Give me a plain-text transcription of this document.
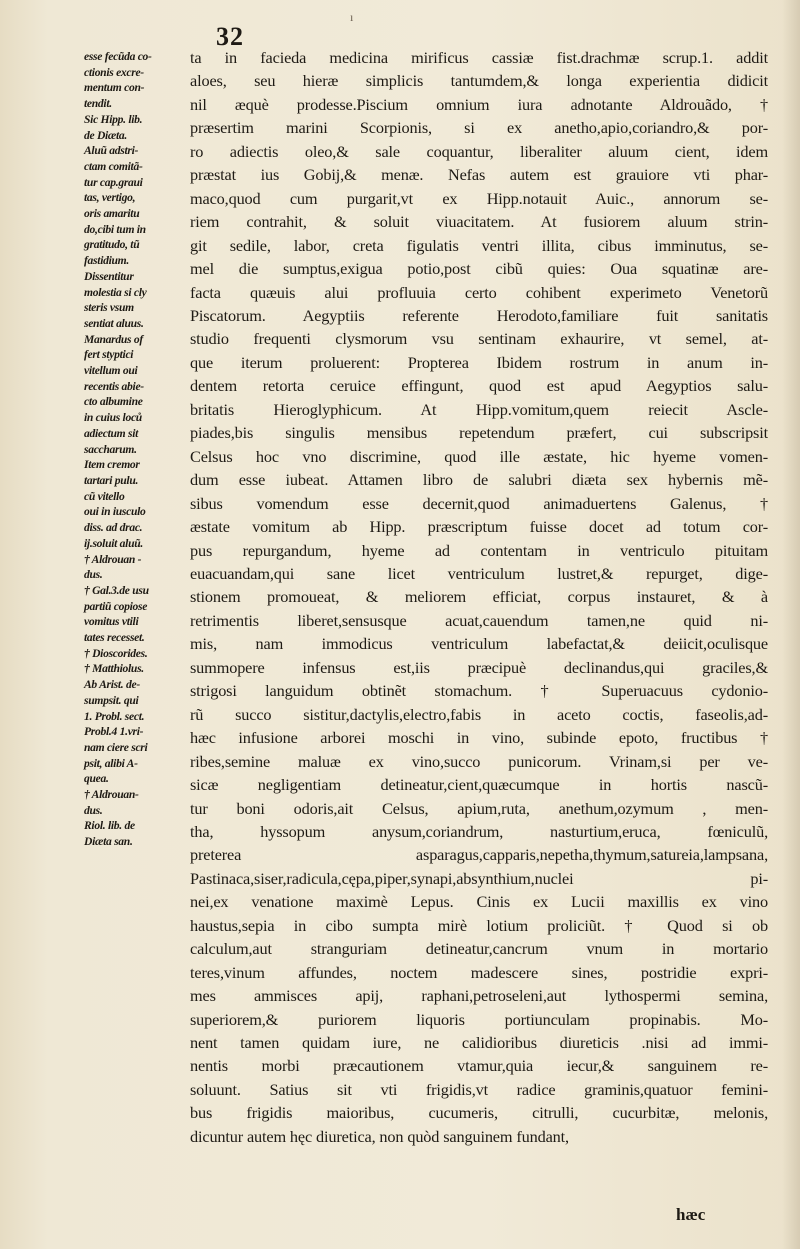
ı
32
esse fecũda co-
ctionis excre-
mentum con-
tendit.
Sic Hipp. lib.
de Diæta.
Aluũ adstri-
ctam comitã-
tur cap.graui
tas, vertigo,
oris amaritu
do,cibi tum in
gratitudo, tũ
fastidium.
Dissentitur
molestia si cly
steris vsum
sentiat aluus.
Manardus of
fert styptici
vitellum oui
recentis abie-
cto albumine
in cuius loců
adiectum sit
saccharum.
Item cremor
tartari pulu.
cũ vitello
oui in iusculo
diss. ad drac.
ij.soluit aluũ.
† Aldrouan -
dus.
† Gal.3.de usu
partiũ copiose
vomitus vtili
tates recesset.
† Dioscorides.
† Matthiolus.
Ab Arist. de-
sumpsit. qui
1. Probl. sect.
Probl.4 1.vri-
nam ciere scri
psit, alibi A-
quea.
† Aldrouan-
dus.
Riol. lib. de
Diæta san.
ta in facieda medicina mirificus cassiæ fist.drachmæ scrup.1. addit
aloes, seu hieræ simplicis tantumdem,& longa experientia didicit
nil æquè prodesse.Piscium omnium iura adnotante Aldrouãdo, †
præsertim marini Scorpionis, si ex anetho,apio,coriandro,& por-
ro adiectis oleo,& sale coquantur, liberaliter aluum cient, idem
præstat ius Gobij,& menæ. Nefas autem est grauiore vti phar-
maco,quod cum purgarit,vt ex Hipp.notauit Auic., annorum se-
riem contrahit, & soluit viuacitatem. At fusiorem aluum strin-
git sedile, labor, creta figulatis ventri illita, cibus imminutus, se-
mel die sumptus,exigua potio,post cibũ quies: Oua squatinæ are-
facta quæuis alui profluuia certo cohibent experimeto Venetorũ
Piscatorum. Aegyptiis referente Herodoto,familiare fuit sanitatis
studio frequenti clysmorum vsu sentinam exhaurire, vt semel, at-
que iterum proluerent: Propterea Ibidem rostrum in anum in-
dentem retorta ceruice effingunt, quod est apud Aegyptios salu-
britatis Hieroglyphicum. At Hipp.vomitum,quem reiecit Ascle-
piades,bis singulis mensibus repetendum præfert, cui subscripsit
Celsus hoc vno discrimine, quod ille æstate, hic hyeme vomen-
dum esse iubeat. Attamen libro de salubri diæta sex hybernis mẽ-
sibus vomendum esse decernit,quod animaduertens Galenus, †
æstate vomitum ab Hipp. præscriptum fuisse docet ad totum cor-
pus repurgandum, hyeme ad contentam in ventriculo pituitam
euacuandam,qui sane licet ventriculum lustret,& repurget, dige-
stionem promoueat, & meliorem efficiat, corpus instauret, & à
retrimentis liberet,sensusque acuat,cauendum tamen,ne quid ni-
mis, nam immodicus ventriculum labefactat,& deiicit,oculisque
summopere infensus est,iis præcipuè declinandus,qui graciles,&
strigosi languidum obtinẽt stomachum. † Superuacuus cydonio-
rũ succo sistitur,dactylis,electro,fabis in aceto coctis, faseolis,ad-
hæc infusione arborei moschi in vino, subinde epoto, fructibus †
ribes,semine maluæ ex vino,succo punicorum. Vrinam,si per ve-
sicæ negligentiam detineatur,cient,quæcumque in hortis nascũ-
tur boni odoris,ait Celsus, apium,ruta, anethum,ozymum , men-
tha, hyssopum anysum,coriandrum, nasturtium,eruca, fœniculũ,
preterea asparagus,capparis,nepetha,thymum,satureia,lampsana,
Pastinaca,siser,radicula,cępa,piper,synapi,absynthium,nuclei pi-
nei,ex venatione maximè Lepus. Cinis ex Lucii maxillis ex vino
haustus,sepia in cibo sumpta mirè lotium proliciũt. † Quod si ob
calculum,aut stranguriam detineatur,cancrum vnum in mortario
teres,vinum affundes, noctem madescere sines, postridie expri-
mes ammisces apij, raphani,petroseleni,aut lythospermi semina,
superiorem,& puriorem liquoris portiunculam propinabis. Mo-
nent tamen quidam iure, ne calidioribus diureticis .nisi ad immi-
nentis morbi præcautionem vtamur,quia iecur,& sanguinem re-
soluunt. Satius sit vti frigidis,vt radice graminis,quatuor femini-
bus frigidis maioribus, cucumeris, citrulli, cucurbitæ, melonis,
dicuntur autem hęc diuretica, non quòd sanguinem fundant,
hæc
